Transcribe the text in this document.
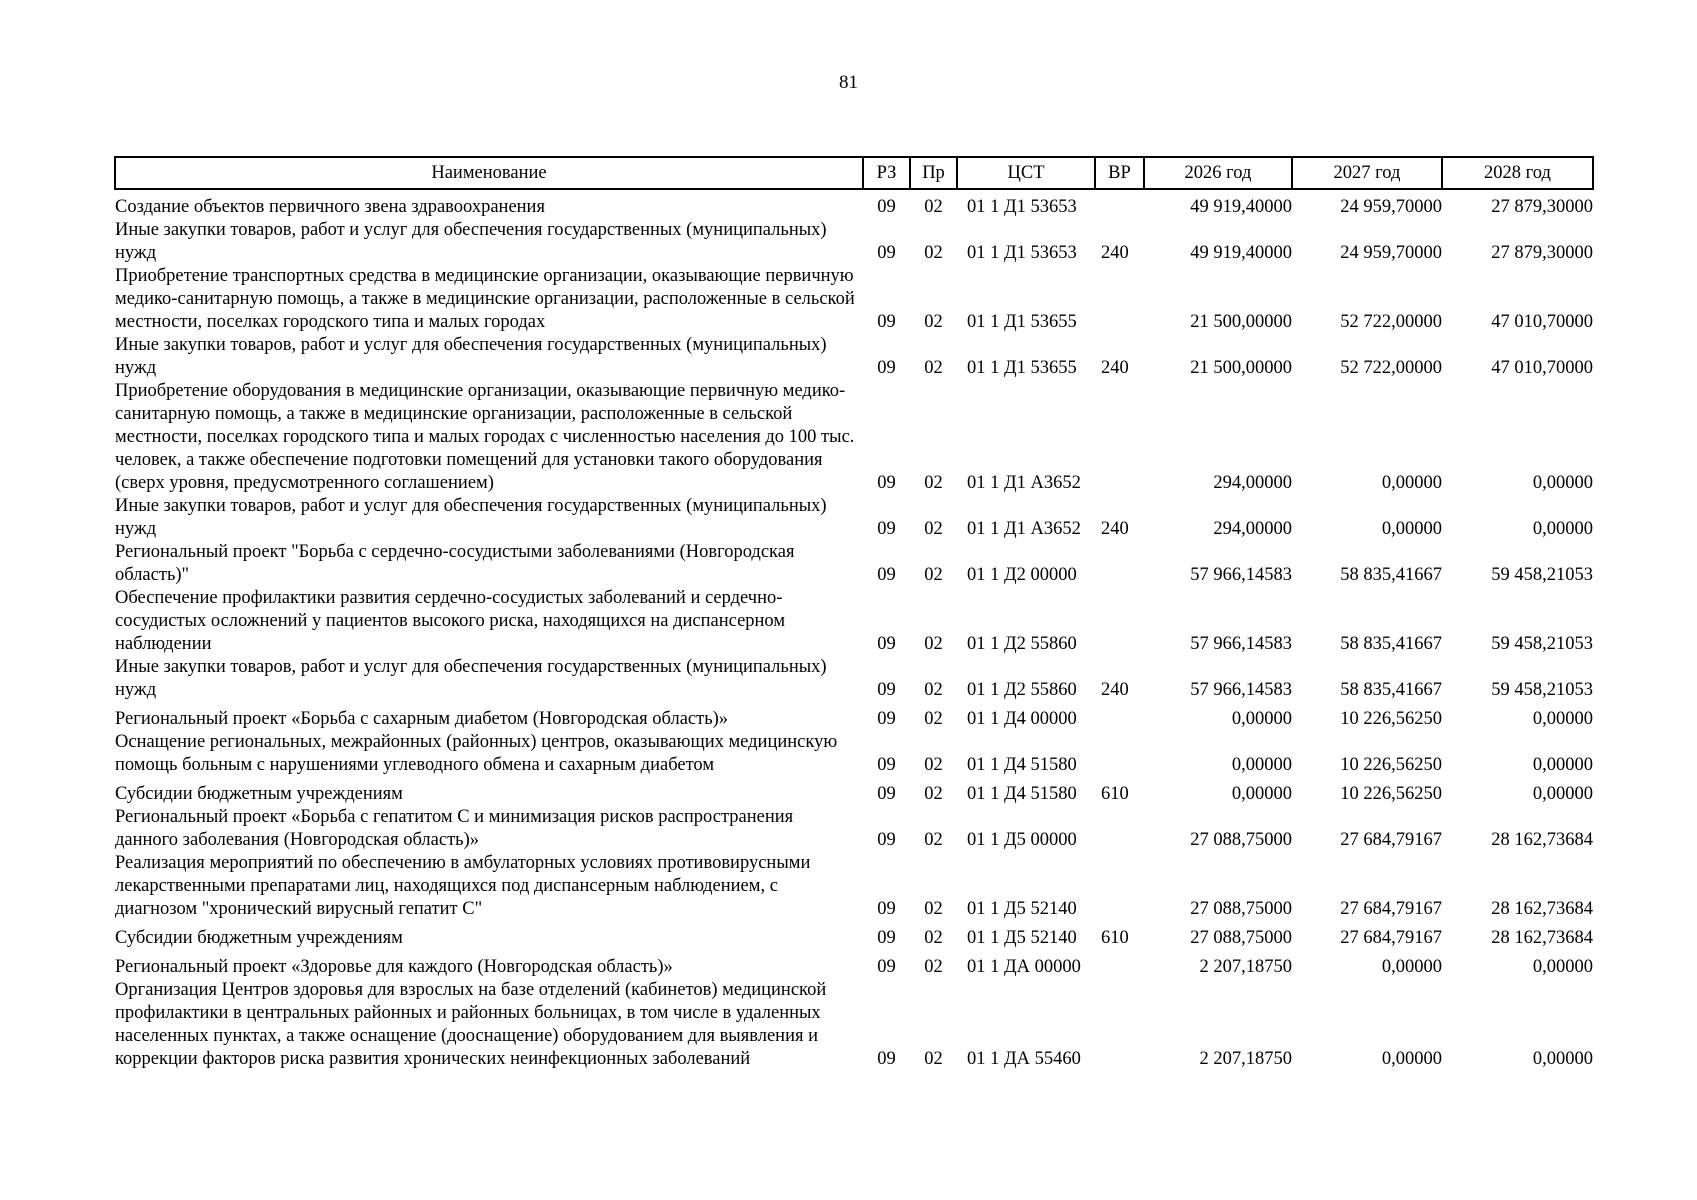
81
Наименование	РЗ	Пр	ЦСТ	ВР	2026 год	2027 год	2028 год

Создание объектов первичного звена здравоохранения	09	02	01 1 Д1 53653		49 919,40000	24 959,70000	27 879,30000
Иные закупки товаров, работ и услуг для обеспечения государственных (муниципальных) нужд	09	02	01 1 Д1 53653	240	49 919,40000	24 959,70000	27 879,30000
Приобретение транспортных средства в медицинские организации, оказывающие первичную медико-санитарную помощь, а также в медицинские организации, расположенные в сельской местности, поселках городского типа и малых городах	09	02	01 1 Д1 53655		21 500,00000	52 722,00000	47 010,70000
Иные закупки товаров, работ и услуг для обеспечения государственных (муниципальных) нужд	09	02	01 1 Д1 53655	240	21 500,00000	52 722,00000	47 010,70000
Приобретение оборудования в медицинские организации, оказывающие первичную медико-санитарную помощь, а также в медицинские организации, расположенные в сельской местности, поселках городского типа и малых городах с численностью населения до 100 тыс. человек, а также обеспечение подготовки помещений для установки такого оборудования (сверх уровня, предусмотренного соглашением)	09	02	01 1 Д1 А3652		294,00000	0,00000	0,00000
Иные закупки товаров, работ и услуг для обеспечения государственных (муниципальных) нужд	09	02	01 1 Д1 А3652	240	294,00000	0,00000	0,00000
Региональный проект "Борьба с сердечно-сосудистыми заболеваниями (Новгородская область)"	09	02	01 1 Д2 00000		57 966,14583	58 835,41667	59 458,21053
Обеспечение профилактики развития сердечно-сосудистых заболеваний и сердечно-сосудистых осложнений у пациентов высокого риска, находящихся на диспансерном наблюдении	09	02	01 1 Д2 55860		57 966,14583	58 835,41667	59 458,21053
Иные закупки товаров, работ и услуг для обеспечения государственных (муниципальных) нужд	09	02	01 1 Д2 55860	240	57 966,14583	58 835,41667	59 458,21053
Региональный проект «Борьба с сахарным диабетом (Новгородская область)»	09	02	01 1 Д4 00000		0,00000	10 226,56250	0,00000
Оснащение региональных, межрайонных (районных) центров, оказывающих медицинскую помощь больным с нарушениями углеводного обмена и сахарным диабетом	09	02	01 1 Д4 51580		0,00000	10 226,56250	0,00000
Субсидии бюджетным учреждениям	09	02	01 1 Д4 51580	610	0,00000	10 226,56250	0,00000
Региональный проект «Борьба с гепатитом С и минимизация рисков распространения данного заболевания (Новгородская область)»	09	02	01 1 Д5 00000		27 088,75000	27 684,79167	28 162,73684
Реализация мероприятий по обеспечению в амбулаторных условиях противовирусными лекарственными препаратами лиц, находящихся под диспансерным наблюдением, с диагнозом "хронический вирусный гепатит С"	09	02	01 1 Д5 52140		27 088,75000	27 684,79167	28 162,73684
Субсидии бюджетным учреждениям	09	02	01 1 Д5 52140	610	27 088,75000	27 684,79167	28 162,73684
Региональный проект «Здоровье для каждого (Новгородская область)»	09	02	01 1 ДА 00000		2 207,18750	0,00000	0,00000
Организация Центров здоровья для взрослых на базе отделений (кабинетов) медицинской профилактики в центральных районных и районных больницах, в том числе в удаленных населенных пунктах, а также оснащение (дооснащение) оборудованием для выявления и коррекции факторов риска развития хронических неинфекционных заболеваний	09	02	01 1 ДА 55460		2 207,18750	0,00000	0,00000
